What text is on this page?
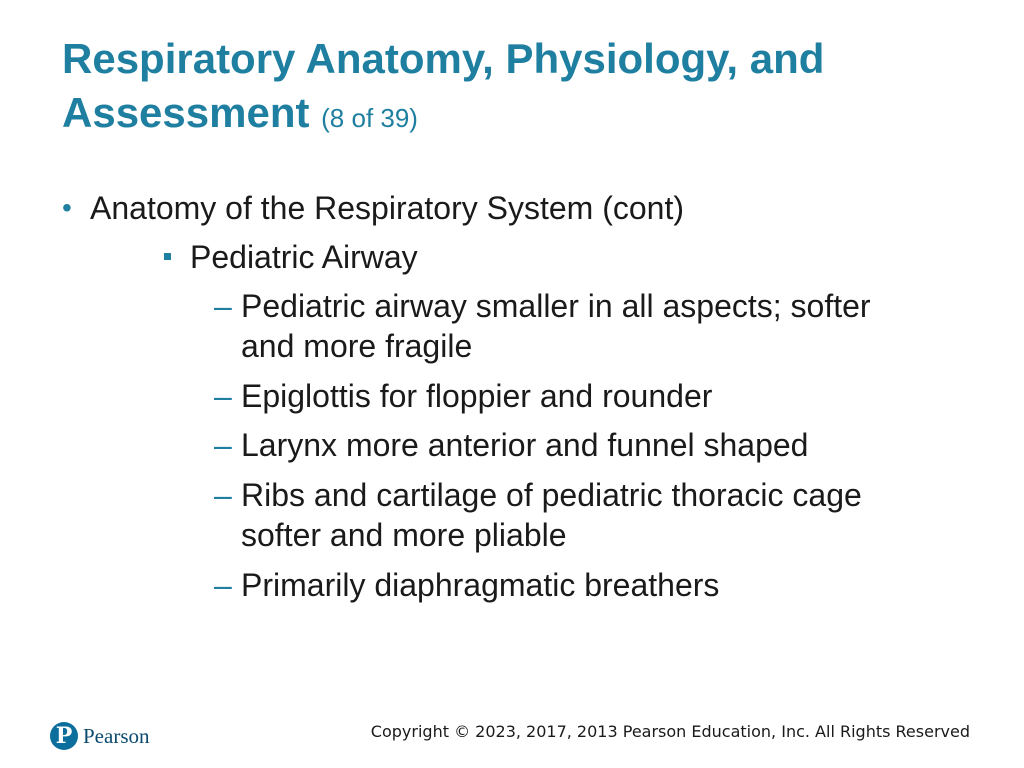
Respiratory Anatomy, Physiology, and Assessment (8 of 39)
• Anatomy of the Respiratory System (cont)
Pediatric Airway
– Pediatric airway smaller in all aspects; softer and more fragile
– Epiglottis for floppier and rounder
– Larynx more anterior and funnel shaped
– Ribs and cartilage of pediatric thoracic cage softer and more pliable
– Primarily diaphragmatic breathers
P Pearson	Copyright © 2023, 2017, 2013 Pearson Education, Inc. All Rights Reserved
